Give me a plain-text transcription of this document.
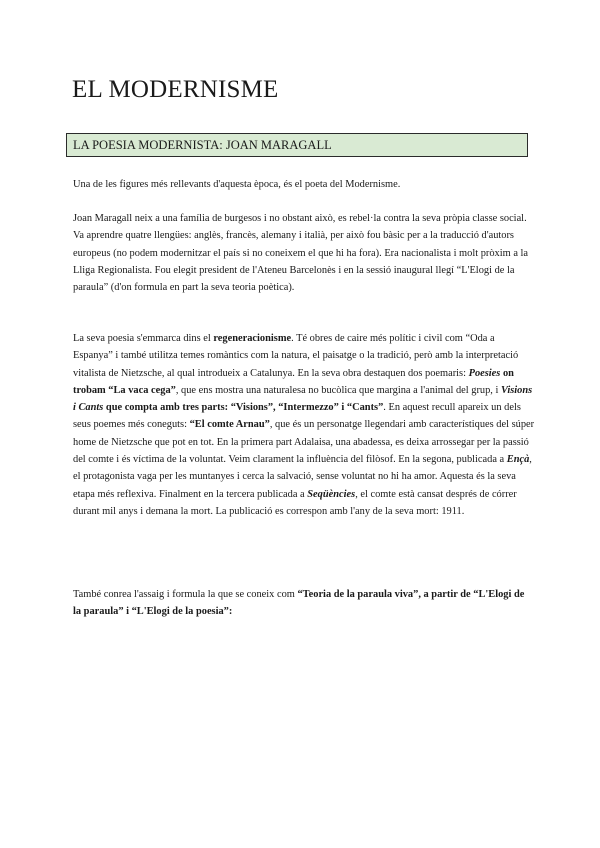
EL MODERNISME
LA POESIA MODERNISTA: JOAN MARAGALL

Una de les figures més rellevants d'aquesta època, és el poeta del Modernisme.

Joan Maragall neix a una família de burgesos i no obstant això, es rebel·la contra la seva pròpia classe social. Va aprendre quatre llengües: anglès, francès, alemany i italià, per això fou bàsic per a la traducció d'autors europeus (no podem modernitzar el país si no coneixem el que hi ha fora). Era nacionalista i molt pròxim a la Lliga Regionalista. Fou elegit president de l'Ateneu Barcelonès i en la sessió inaugural llegí “L'Elogi de la paraula” (d'on formula en part la seva teoria poètica).

La seva poesia s'emmarca dins el regeneracionisme. Té obres de caire més polític i civil com “Oda a Espanya” i també utilitza temes romàntics com la natura, el paisatge o la tradició, però amb la interpretació vitalista de Nietzsche, al qual introdueix a Catalunya. En la seva obra destaquen dos poemaris: Poesies on trobam “La vaca cega”, que ens mostra una naturalesa no bucòlica que margina a l'animal del grup, i Visions i Cants que compta amb tres parts: “Visions”, “Intermezzo” i “Cants”. En aquest recull apareix un dels seus poemes més coneguts: “El comte Arnau”, que és un personatge llegendari amb característiques del súper home de Nietzsche que pot en tot. En la primera part Adalaisa, una abadessa, es deixa arrossegar per la passió del comte i és víctima de la voluntat. Veim clarament la influència del filòsof. En la segona, publicada a Ençà, el protagonista vaga per les muntanyes i cerca la salvació, sense voluntat no hi ha amor. Aquesta és la seva etapa més reflexiva. Finalment en la tercera publicada a Seqüències, el comte està cansat després de córrer durant mil anys i demana la mort. La publicació es correspon amb l'any de la seva mort: 1911.

També conrea l'assaig i formula la que se coneix com “Teoria de la paraula viva”, a partir de “L'Elogi de la paraula” i “L'Elogi de la poesia”:
